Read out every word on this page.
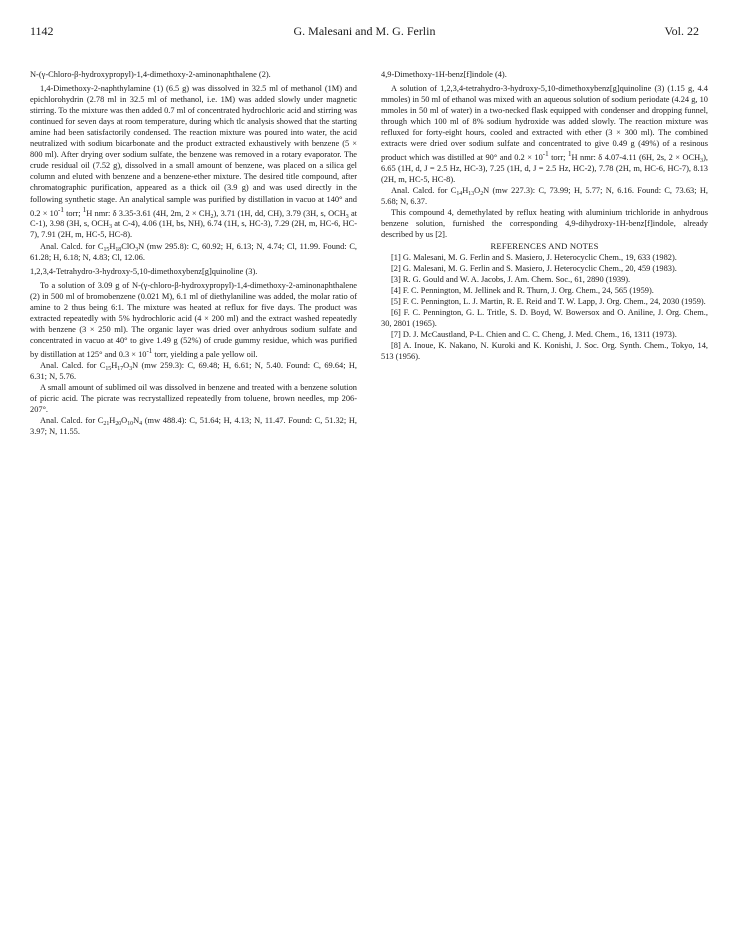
1142	G. Malesani and M. G. Ferlin	Vol. 22

N-(γ-Chloro-β-hydroxypropyl)-1,4-dimethoxy-2-aminonaphthalene (2).

1,4-Dimethoxy-2-naphthylamine (1) (6.5 g) was dissolved in 32.5 ml of methanol (1M) and epichlorohydrin (2.78 ml in 32.5 ml of methanol, i.e. 1M) was added slowly under magnetic stirring. To the mixture was then added 0.7 ml of concentrated hydrochloric acid and stirring was continued for seven days at room temperature, during which tlc analysis showed that the starting amine had been satisfactorily condensed. The reaction mixture was poured into water, the acid neutralized with sodium bicarbonate and the product extracted exhaustively with benzene (5 × 800 ml). After drying over sodium sulfate, the benzene was removed in a rotary evaporator. The crude residual oil (7.52 g), dissolved in a small amount of benzene, was placed on a silica gel column and eluted with benzene and a benzene-ether mixture. The desired title compound, after chromatographic purification, appeared as a thick oil (3.9 g) and was used directly in the following synthetic stage. An analytical sample was purified by distillation in vacuo at 140° and $0.2 \times 10^{-1}$ torr; $^1$H nmr: δ 3.35-3.61 (4H, 2m, $2 \times CH_2$), 3.71 (1H, dd, CH), 3.79 (3H, s, $OCH_3$ at C-1), 3.98 (3H, s, $OCH_3$ at C-4), 4.06 (1H, bs, NH), 6.74 (1H, s, HC-3), 7.29 (2H, m, HC-6, HC-7), 7.91 (2H, m, HC-5, HC-8).

Anal. Calcd. for $C_{15}H_{18}ClO_3N$ (mw 295.8): C, 60.92; H, 6.13; N, 4.74; Cl, 11.99. Found: C, 61.28; H, 6.18; N, 4.83; Cl, 12.06.

1,2,3,4-Tetrahydro-3-hydroxy-5,10-dimethoxybenz[g]quinoline (3).

To a solution of 3.09 g of N-(γ-chloro-β-hydroxypropyl)-1,4-dimethoxy-2-aminonaphthalene (2) in 500 ml of bromobenzene (0.021 M), 6.1 ml of diethylaniline was added, the molar ratio of amine to 2 thus being 6:1. The mixture was heated at reflux for five days. The product was extracted repeatedly with 5% hydrochloric acid (4 × 200 ml) and the extract washed repeatedly with benzene (3 × 250 ml). The organic layer was dried over anhydrous sodium sulfate and concentrated in vacuo at 40° to give 1.49 g (52%) of crude gummy residue, which was purified by distillation at 125° and $0.3 \times 10^{-1}$ torr, yielding a pale yellow oil.

Anal. Calcd. for $C_{15}H_{17}O_3N$ (mw 259.3): C, 69.48; H, 6.61; N, 5.40. Found: C, 69.64; H, 6.31; N, 5.76.

A small amount of sublimed oil was dissolved in benzene and treated with a benzene solution of picric acid. The picrate was recrystallized repeatedly from toluene, brown needles, mp 206-207°.

Anal. Calcd. for $C_{21}H_{20}O_{10}N_4$ (mw 488.4): C, 51.64; H, 4.13; N, 11.47. Found: C, 51.32; H, 3.97; N, 11.55.

4,9-Dimethoxy-1H-benz[f]indole (4).

A solution of 1,2,3,4-tetrahydro-3-hydroxy-5,10-dimethoxybenz[g]quinoline (3) (1.15 g, 4.4 mmoles) in 50 ml of ethanol was mixed with an aqueous solution of sodium periodate (4.24 g, 10 mmoles in 50 ml of water) in a two-necked flask equipped with condenser and dropping funnel, through which 100 ml of 8% sodium hydroxide was added slowly. The reaction mixture was refluxed for forty-eight hours, cooled and extracted with ether (3 × 300 ml). The combined extracts were dried over sodium sulfate and concentrated to give 0.49 g (49%) of a resinous product which was distilled at 90° and $0.2 \times 10^{-1}$ torr; $^1$H nmr: δ 4.07-4.11 (6H, 2s, $2 \times OCH_3$), 6.65 (1H, d, J = 2.5 Hz, HC-3), 7.25 (1H, d, J = 2.5 Hz, HC-2), 7.78 (2H, m, HC-6, HC-7), 8.13 (2H, m, HC-5, HC-8).

Anal. Calcd. for $C_{14}H_{13}O_2N$ (mw 227.3): C, 73.99; H, 5.77; N, 6.16. Found: C, 73.63; H, 5.68; N, 6.37.

This compound 4, demethylated by reflux heating with aluminium trichloride in anhydrous benzene solution, furnished the corresponding 4,9-dihydroxy-1H-benz[f]indole, already described by us [2].

REFERENCES AND NOTES

[1] G. Malesani, M. G. Ferlin and S. Masiero, J. Heterocyclic Chem., 19, 633 (1982).

[2] G. Malesani, M. G. Ferlin and S. Masiero, J. Heterocyclic Chem., 20, 459 (1983).

[3] R. G. Gould and W. A. Jacobs, J. Am. Chem. Soc., 61, 2890 (1939).

[4] F. C. Pennington, M. Jellinek and R. Thurn, J. Org. Chem., 24, 565 (1959).

[5] F. C. Pennington, L. J. Martin, R. E. Reid and T. W. Lapp, J. Org. Chem., 24, 2030 (1959).

[6] F. C. Pennington, G. L. Tritle, S. D. Boyd, W. Bowersox and O. Aniline, J. Org. Chem., 30, 2801 (1965).

[7] D. J. McCaustland, P-L. Chien and C. C. Cheng, J. Med. Chem., 16, 1311 (1973).

[8] A. Inoue, K. Nakano, N. Kuroki and K. Konishi, J. Soc. Org. Synth. Chem., Tokyo, 14, 513 (1956).
